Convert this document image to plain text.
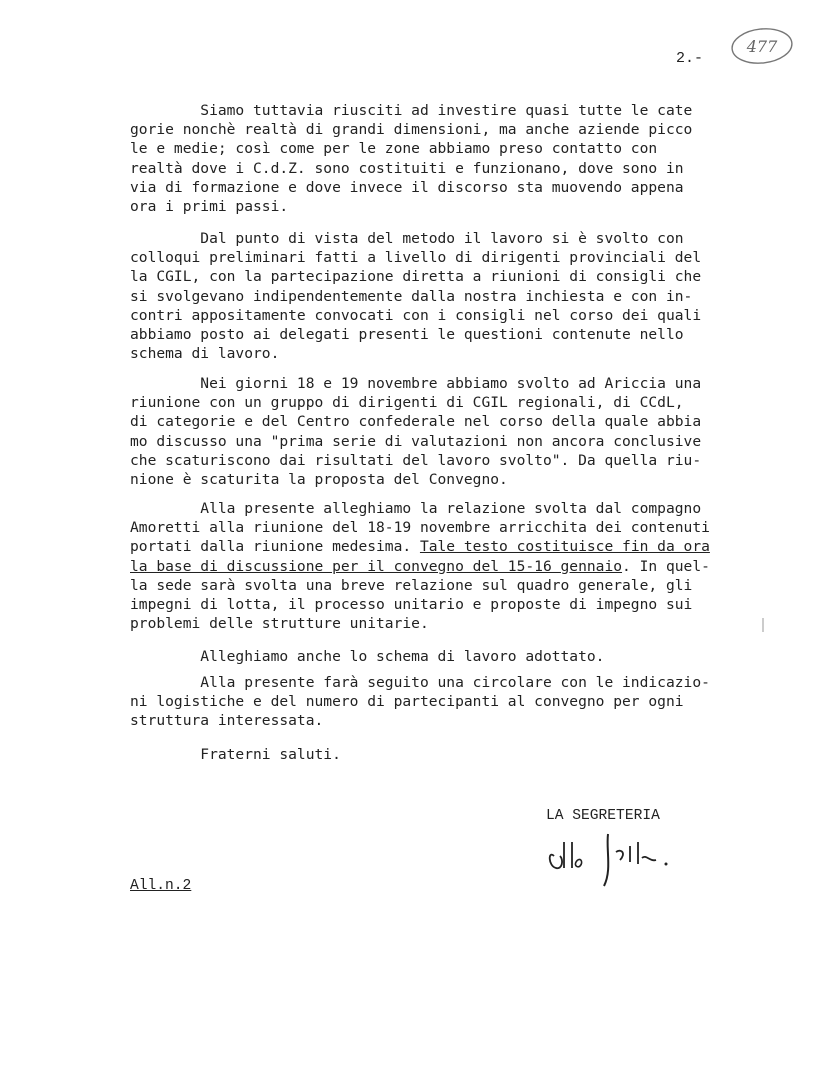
2.-
477
Siamo tuttavia riusciti ad investire quasi tutte le cate
gorie nonchè realtà di grandi dimensioni, ma anche aziende picco
le e medie; così come per le zone abbiamo preso contatto con
realtà dove i C.d.Z. sono costituiti e funzionano, dove sono in
via di formazione e dove invece il discorso sta muovendo appena
ora i primi passi.
Dal punto di vista del metodo il lavoro si è svolto con
colloqui preliminari fatti a livello di dirigenti provinciali del
la CGIL, con la partecipazione diretta a riunioni di consigli che
si svolgevano indipendentemente dalla nostra inchiesta e con in-
contri appositamente convocati con i consigli nel corso dei quali
abbiamo posto ai delegati presenti le questioni contenute nello
schema di lavoro.
Nei giorni 18 e 19 novembre abbiamo svolto ad Ariccia una
riunione con un gruppo di dirigenti di CGIL regionali, di CCdL,
di categorie e del Centro confederale nel corso della quale abbia
mo discusso una "prima serie di valutazioni non ancora conclusive
che scaturiscono dai risultati del lavoro svolto". Da quella riu-
nione è scaturita la proposta del Convegno.
Alla presente alleghiamo la relazione svolta dal compagno
Amoretti alla riunione del 18-19 novembre arricchita dei contenuti
portati dalla riunione medesima. Tale testo costituisce fin da ora
la base di discussione per il convegno del 15-16 gennaio. In quel-
la sede sarà svolta una breve relazione sul quadro generale, gli
impegni di lotta, il processo unitario e proposte di impegno sui
problemi delle strutture unitarie.
Alleghiamo anche lo schema di lavoro adottato.
Alla presente farà seguito una circolare con le indicazio-
ni logistiche e del numero di partecipanti al convegno per ogni
struttura interessata.
Fraterni saluti.
LA SEGRETERIA
All.n.2
